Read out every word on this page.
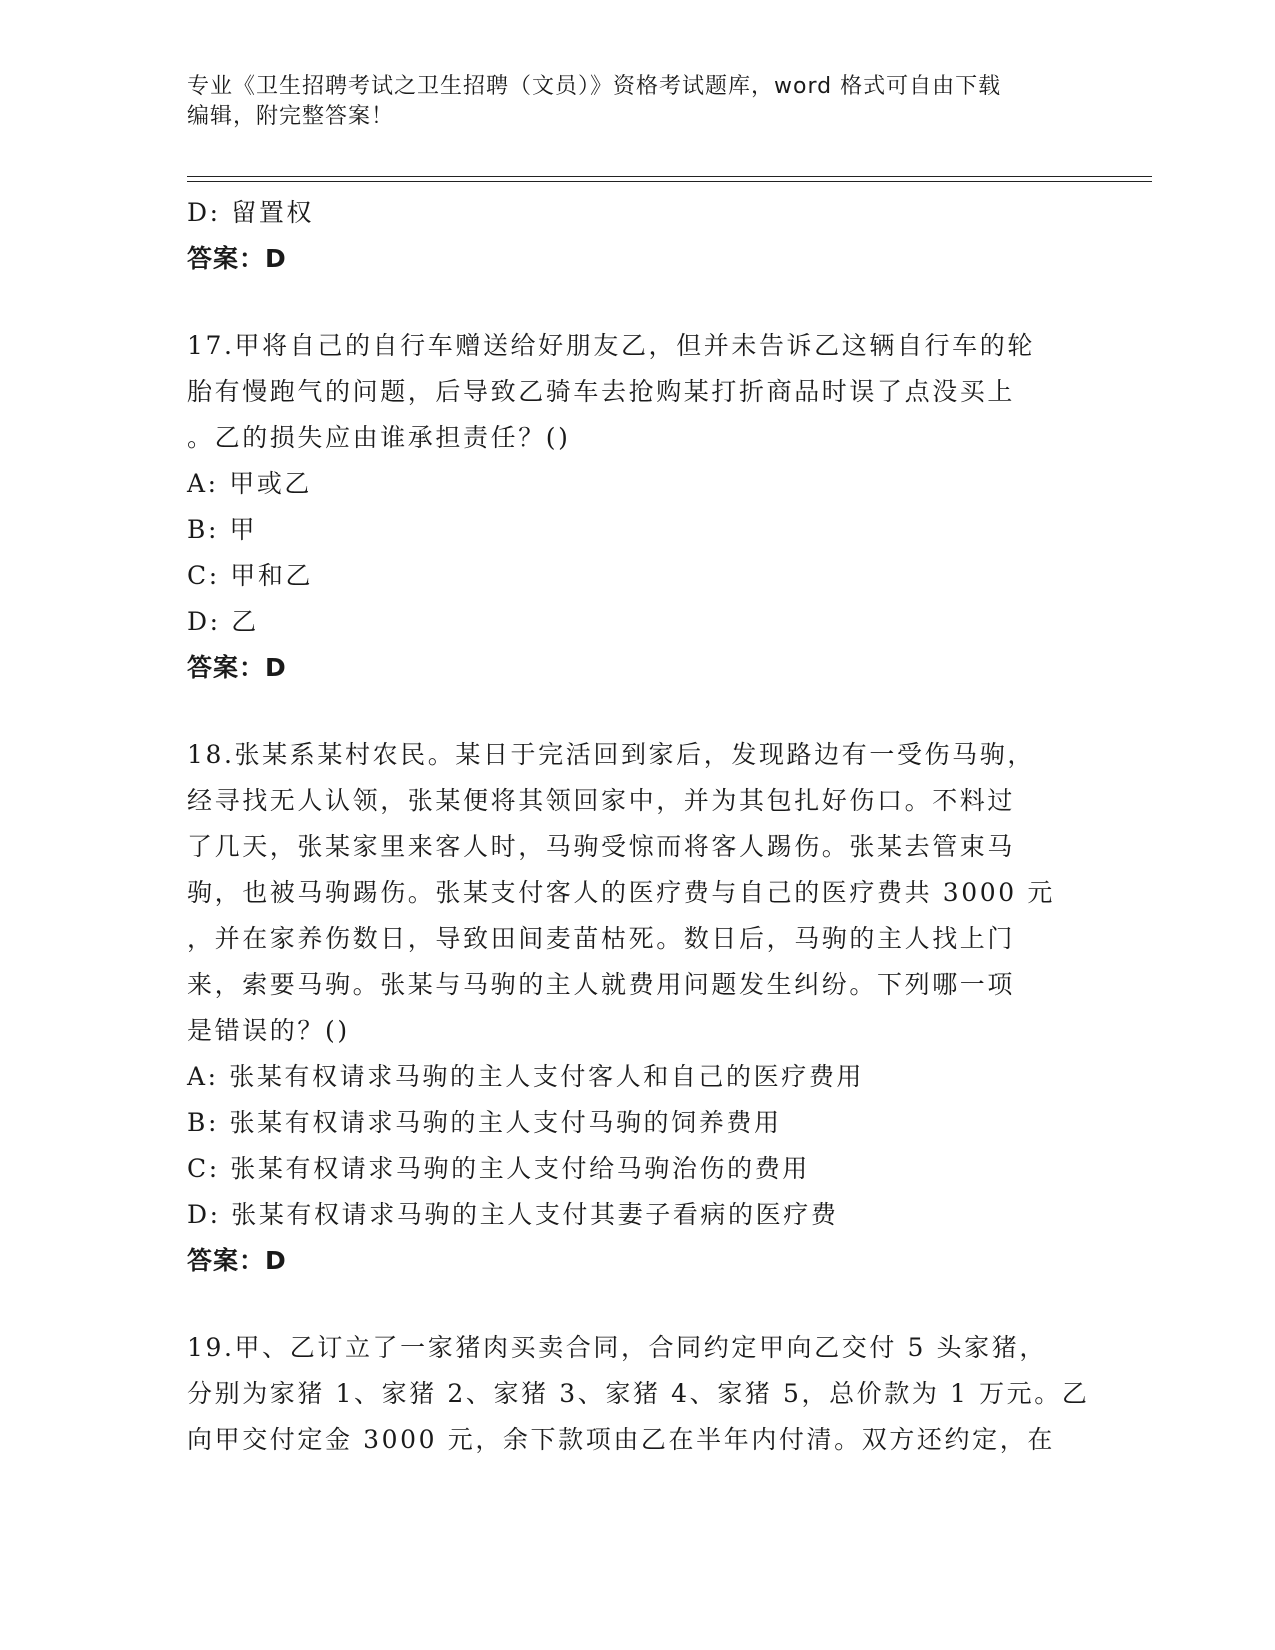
专业《卫生招聘考试之卫生招聘（文员）》资格考试题库，word 格式可自由下载
编辑，附完整答案！
D: 留置权
答案：D
17.甲将自己的自行车赠送给好朋友乙，但并未告诉乙这辆自行车的轮
胎有慢跑气的问题，后导致乙骑车去抢购某打折商品时误了点没买上
。乙的损失应由谁承担责任？()
A: 甲或乙
B: 甲
C: 甲和乙
D: 乙
答案：D
18.张某系某村农民。某日于完活回到家后，发现路边有一受伤马驹，
经寻找无人认领，张某便将其领回家中，并为其包扎好伤口。不料过
了几天，张某家里来客人时，马驹受惊而将客人踢伤。张某去管束马
驹，也被马驹踢伤。张某支付客人的医疗费与自己的医疗费共 3000 元
，并在家养伤数日，导致田间麦苗枯死。数日后，马驹的主人找上门
来，索要马驹。张某与马驹的主人就费用问题发生纠纷。下列哪一项
是错误的？()
A: 张某有权请求马驹的主人支付客人和自己的医疗费用
B: 张某有权请求马驹的主人支付马驹的饲养费用
C: 张某有权请求马驹的主人支付给马驹治伤的费用
D: 张某有权请求马驹的主人支付其妻子看病的医疗费
答案：D
19.甲、乙订立了一家猪肉买卖合同，合同约定甲向乙交付 5 头家猪，
分别为家猪 1、家猪 2、家猪 3、家猪 4、家猪 5，总价款为 1 万元。乙
向甲交付定金 3000 元，余下款项由乙在半年内付清。双方还约定，在
